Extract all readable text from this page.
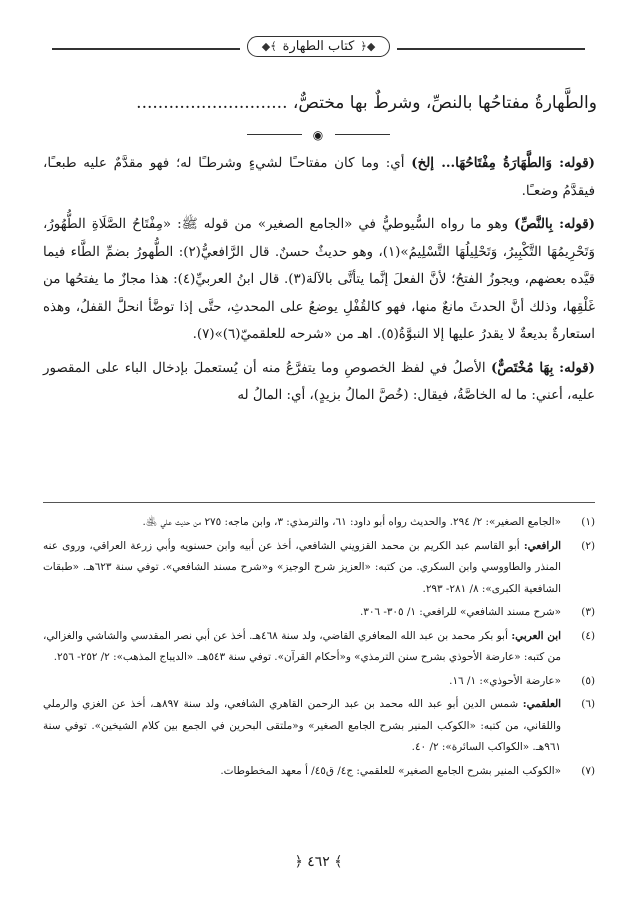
◆﴿
كتاب الطهارة
﴾◆
والطَّهارةُ مفتاحُها بالنصِّ، وشرطٌ بها مختصٌّ، ............................
◉

(قوله: وَالطَّهَارَةُ مِفْتَاحُهَا... إلخ) أي: وما كان مفتاحـًا لشيءٍ وشرطـًا له؛ فهو مقدَّمٌ عليه طبعـًا، فيقدَّمُ وضعـًا.

(قوله: بِالنَّصِّ) وهو ما رواه السُّيوطيُّ في «الجامع الصغير» من قوله ﷺ: «مِفْتَاحُ الصَّلَاةِ الطُّهُورُ، وَتَحْرِيمُهَا التَّكْبِيرُ، وَتَحْلِيلُهَا التَّسْلِيمُ»(١)، وهو حديثٌ حسنٌ. قال الرَّافعيُّ(٢): الطُّهورُ بضمِّ الطَّاء فيما قيَّده بعضهم، ويجوزُ الفتحُ؛ لأنَّ الفعلَ إنَّما يتأتَّى بالآلة(٣). قال ابنُ العربيِّ(٤): هذا مجازٌ ما يفتحُها من غَلْقِها، وذلك أنَّ الحدثَ مانعٌ منها، فهو كالقُفْلِ يوضعُ على المحدثِ، حتَّى إذا توضَّأ انحلَّ القفلُ، وهذه استعارةٌ بديعةٌ لا يقدرُ عليها إلا النبوَّةُ(٥). اهـ من «شرحه للعلقميّ(٦)»(٧).

(قوله: بِهَا مُخْتَصٌّ) الأصلُ في لفظ الخصوصِ وما يتفرَّعُ منه أن يُستعملَ بإدخال الباء على المقصور عليه، أعني: ما له الخاصَّةُ، فيقال: (خُصَّ المالُ بزيدٍ)، أي: المالُ له

(١)
«الجامع الصغير»: ٢/ ٢٩٤. والحديث رواه أبو داود: ٦١، والترمذي: ٣، وابن ماجه: ٢٧٥ من حديث علي ﵁.
(٢)
الرافعي: أبو القاسم عبد الكريم بن محمد القزويني الشافعي، أخذ عن أبيه وابن حسنويه وأبي زرعة العراقي، وروى عنه المنذر والطاووسي وابن السكري. من كتبه: «العزيز شرح الوجيز» و«شرح مسند الشافعي». توفي سنة ٦٢٣هـ. «طبقات الشافعية الكبرى»: ٨/ ٢٨١- ٢٩٣.
(٣)
«شرح مسند الشافعي» للرافعي: ١/ ٣٠٥- ٣٠٦.
(٤)
ابن العربي: أبو بكر محمد بن عبد الله المعافري القاضي، ولد سنة ٤٦٨هـ. أخذ عن أبي نصر المقدسي والشاشي والغزالي، من كتبه: «عارضة الأحوذي بشرح سنن الترمذي» و«أحكام القرآن». توفي سنة ٥٤٣هـ. «الديباج المذهب»: ٢/ ٢٥٢- ٢٥٦.
(٥)
«عارضة الأحوذي»: ١/ ١٦.
(٦)
العلقمي: شمس الدين أبو عبد الله محمد بن عبد الرحمن القاهري الشافعي، ولد سنة ٨٩٧هـ، أخذ عن الغزي والرملي واللقاني، من كتبه: «الكوكب المنير بشرح الجامع الصغير» و«ملتقى البحرين في الجمع بين كلام الشيخين». توفي سنة ٩٦١هـ. «الكواكب السائرة»: ٢/ ٤٠.
(٧)
«الكوكب المنير بشرح الجامع الصغير» للعلقمي: ج٤/ ق٤٥/ أ معهد المخطوطات.
﴾ ٤٦٢ ﴿
